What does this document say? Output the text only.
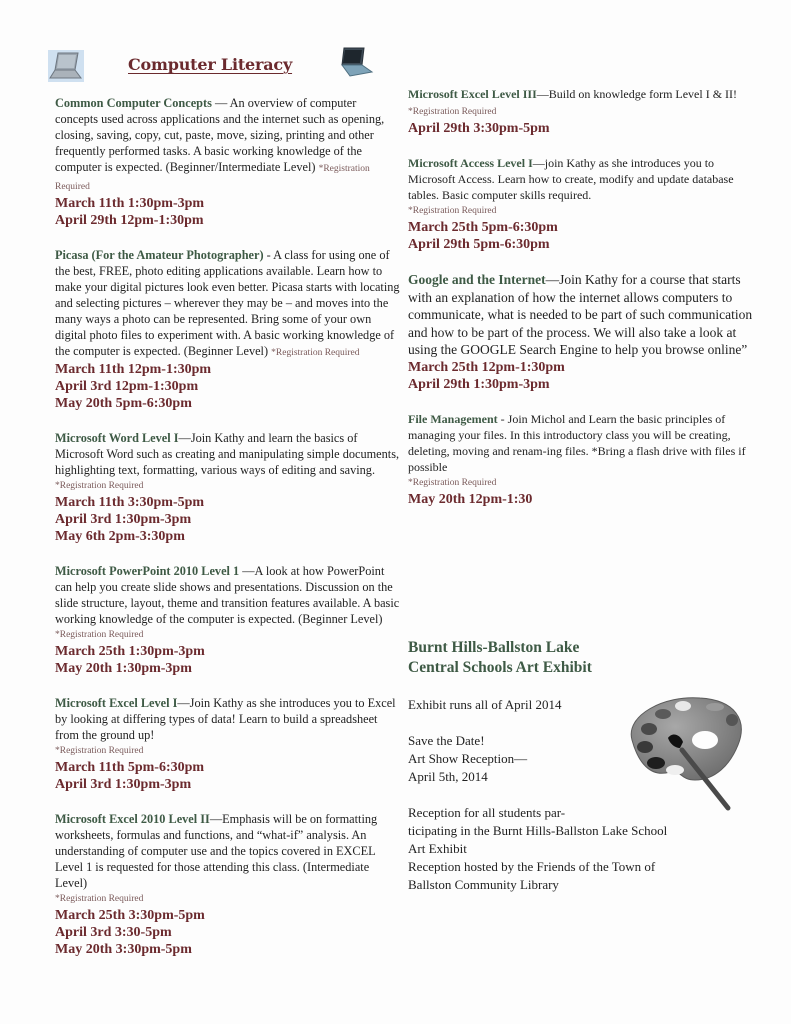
Computer Literacy
Common Computer Concepts — An overview of computer concepts used across applications and the internet such as opening, closing, saving, copy, cut, paste, move, sizing, printing and other frequently performed tasks. A basic working knowledge of the computer is expected. (Beginner/Intermediate Level) *Registration Required
March 11th 1:30pm-3pm
April 29th 12pm-1:30pm
Picasa (For the Amateur Photographer) - A class for using one of the best, FREE, photo editing applications available. Learn how to make your digital pictures look even better. Picasa starts with locating and selecting pictures – wherever they may be – and moves into the many ways a photo can be represented. Bring some of your own digital photo files to experiment with. A basic working knowledge of the computer is expected. (Beginner Level) *Registration Required
March 11th 12pm-1:30pm
April 3rd 12pm-1:30pm
May 20th 5pm-6:30pm
Microsoft Word Level I—Join Kathy and learn the basics of Microsoft Word such as creating and manipulating simple documents, highlighting text, formatting, various ways of editing and saving.
*Registration Required
March 11th 3:30pm-5pm
April 3rd 1:30pm-3pm
May 6th 2pm-3:30pm
Microsoft PowerPoint 2010 Level 1 —A look at how PowerPoint can help you create slide shows and presentations. Discussion on the slide structure, layout, theme and transition features available. A basic working knowledge of the computer is expected. (Beginner Level)
*Registration Required
March 25th 1:30pm-3pm
May 20th 1:30pm-3pm
Microsoft Excel Level I—Join Kathy as she introduces you to Excel by looking at differing types of data! Learn to build a spreadsheet from the ground up!
*Registration Required
March 11th 5pm-6:30pm
April 3rd 1:30pm-3pm
Microsoft Excel 2010 Level II—Emphasis will be on formatting worksheets, formulas and functions, and “what-if” analysis. An understanding of computer use and the topics covered in EXCEL Level 1 is requested for those attending this class. (Intermediate Level)
*Registration Required
March 25th 3:30pm-5pm
April 3rd 3:30-5pm
May 20th 3:30pm-5pm
Microsoft Excel Level III—Build on knowledge form Level I & II! *Registration Required
April 29th 3:30pm-5pm
Microsoft Access Level I—join Kathy as she introduces you to Microsoft Access. Learn how to create, modify and update database tables. Basic computer skills required.
*Registration Required
March 25th 5pm-6:30pm
April 29th 5pm-6:30pm
Google and the Internet—Join Kathy for a course that starts with an explanation of how the internet allows computers to communicate, what is needed to be part of such communication and how to be part of the process. We will also take a look at using the GOOGLE Search Engine to help you browse online”
March 25th 12pm-1:30pm
April 29th 1:30pm-3pm
File Management - Join Michol and Learn the basic principles of managing your files. In this introductory class you will be creating, deleting, moving and renam-ing files. *Bring a flash drive with files if possible
*Registration Required
May 20th 12pm-1:30
Burnt Hills-Ballston Lake
Central Schools Art Exhibit
Exhibit runs all of April 2014
Save the Date!
Art Show Reception—
April 5th, 2014
Reception for all students par-
ticipating in the Burnt Hills-Ballston Lake School
Art Exhibit
Reception hosted by the Friends of the Town of
Ballston Community Library
